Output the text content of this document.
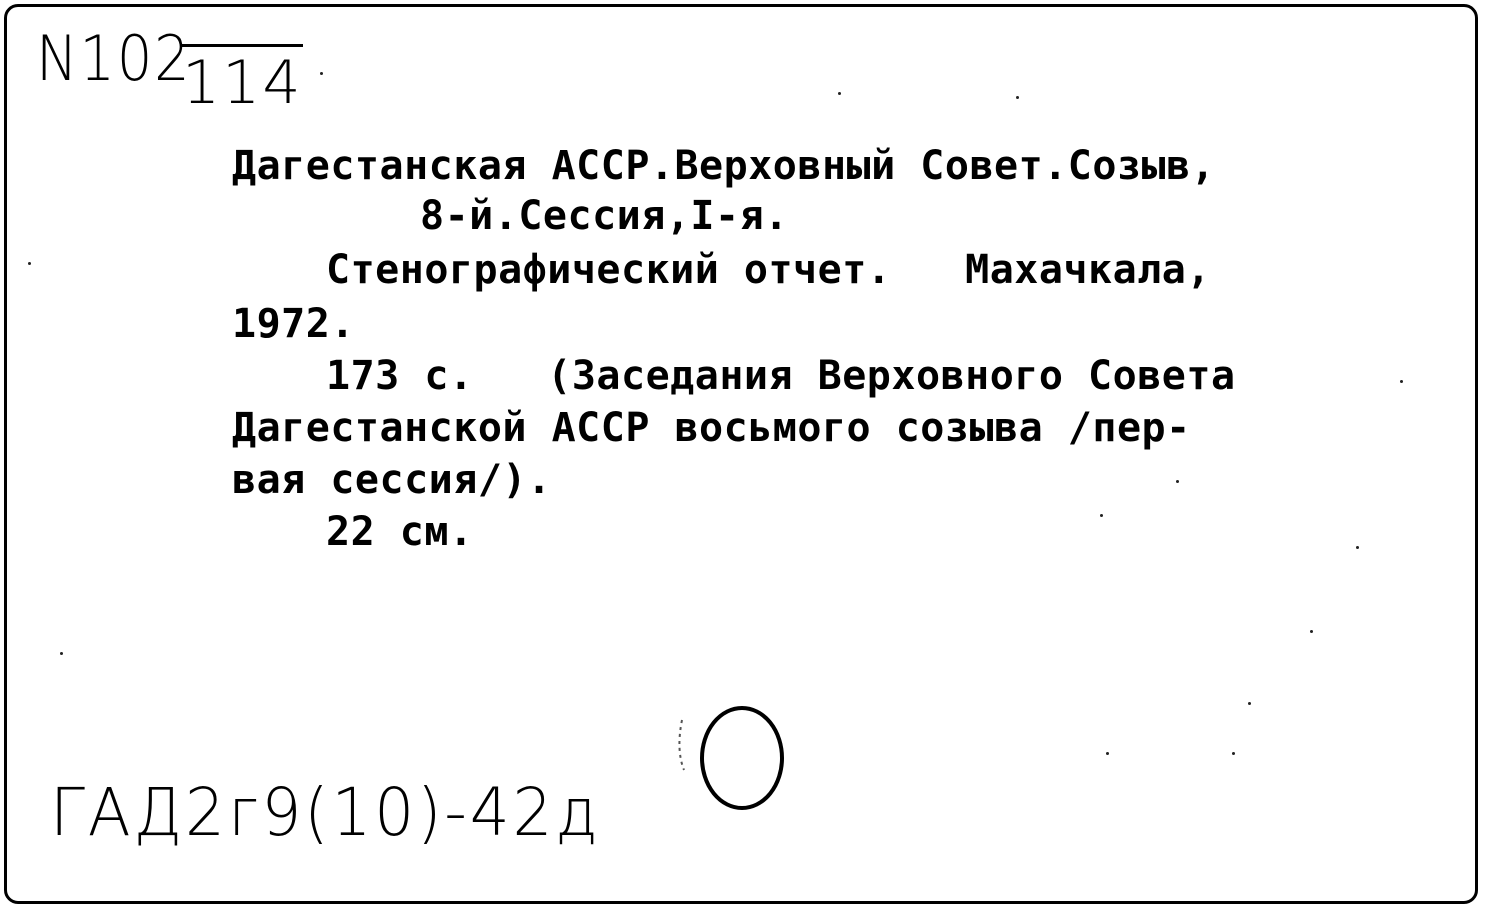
N102
114
Дагестанская АССР.Верховный Совет.Созыв,
8-й.Сессия,I-я.
Стенографический отчет.   Махачкала,
1972.
173 с.   (Заседания Верховного Совета
Дагестанской АССР восьмого созыва /пер-
вая сессия/).
22 см.
ГАД2г9(10)-42д
